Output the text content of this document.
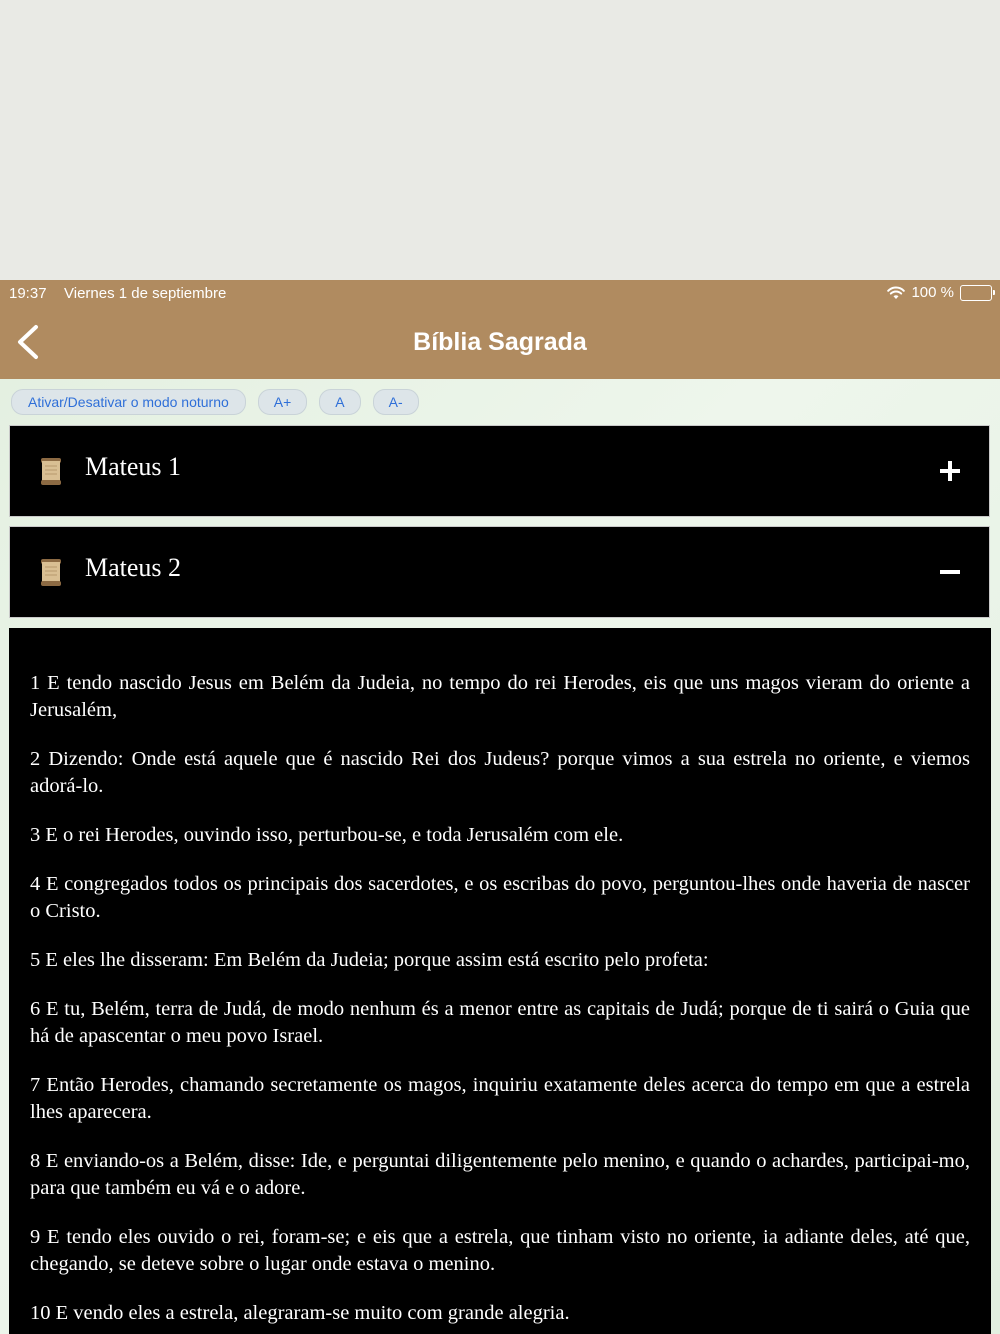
19:37 Viernes 1 de septiembre	100 %
Bíblia Sagrada
Ativar/Desativar o modo noturno	A+	A	A-
Mateus 1
Mateus 2

1 E tendo nascido Jesus em Belém da Judeia, no tempo do rei Herodes, eis que uns magos vieram do oriente a Jerusalém,

2 Dizendo: Onde está aquele que é nascido Rei dos Judeus? porque vimos a sua estrela no oriente, e viemos adorá-lo.

3 E o rei Herodes, ouvindo isso, perturbou-se, e toda Jerusalém com ele.

4 E congregados todos os principais dos sacerdotes, e os escribas do povo, perguntou-lhes onde haveria de nascer o Cristo.

5 E eles lhe disseram: Em Belém da Judeia; porque assim está escrito pelo profeta:

6 E tu, Belém, terra de Judá, de modo nenhum és a menor entre as capitais de Judá; porque de ti sairá o Guia que há de apascentar o meu povo Israel.

7 Então Herodes, chamando secretamente os magos, inquiriu exatamente deles acerca do tempo em que a estrela lhes aparecera.

8 E enviando-os a Belém, disse: Ide, e perguntai diligentemente pelo menino, e quando o achardes, participai-mo, para que também eu vá e o adore.

9 E tendo eles ouvido o rei, foram-se; e eis que a estrela, que tinham visto no oriente, ia adiante deles, até que, chegando, se deteve sobre o lugar onde estava o menino.

10 E vendo eles a estrela, alegraram-se muito com grande alegria.
